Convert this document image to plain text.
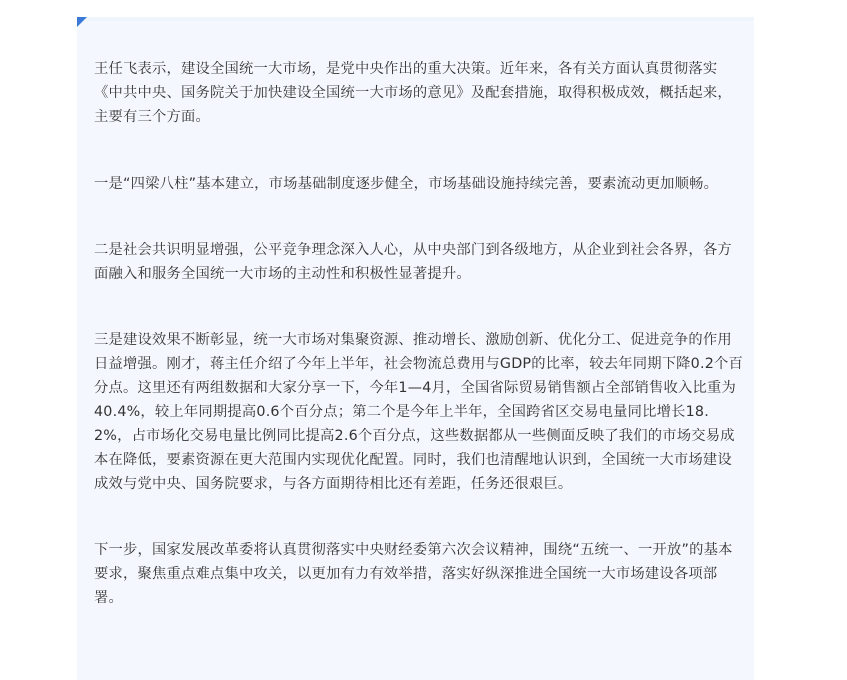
王任飞表示，建设全国统一大市场，是党中央作出的重大决策。近年来，各有关方面认真贯彻落实《中共中央、国务院关于加快建设全国统一大市场的意见》及配套措施，取得积极成效，概括起来，主要有三个方面。

一是“四梁八柱”基本建立，市场基础制度逐步健全，市场基础设施持续完善，要素流动更加顺畅。

二是社会共识明显增强，公平竞争理念深入人心，从中央部门到各级地方，从企业到社会各界，各方面融入和服务全国统一大市场的主动性和积极性显著提升。

三是建设效果不断彰显，统一大市场对集聚资源、推动增长、激励创新、优化分工、促进竞争的作用日益增强。刚才，蒋主任介绍了今年上半年，社会物流总费用与GDP的比率，较去年同期下降0.2个百分点。这里还有两组数据和大家分享一下，今年1—4月，全国省际贸易销售额占全部销售收入比重为40.4%，较上年同期提高0.6个百分点；第二个是今年上半年，全国跨省区交易电量同比增长18.2%，占市场化交易电量比例同比提高2.6个百分点，这些数据都从一些侧面反映了我们的市场交易成本在降低，要素资源在更大范围内实现优化配置。同时，我们也清醒地认识到，全国统一大市场建设成效与党中央、国务院要求，与各方面期待相比还有差距，任务还很艰巨。

下一步，国家发展改革委将认真贯彻落实中央财经委第六次会议精神，围绕“五统一、一开放”的基本要求，聚焦重点难点集中攻关，以更加有力有效举措，落实好纵深推进全国统一大市场建设各项部署。
